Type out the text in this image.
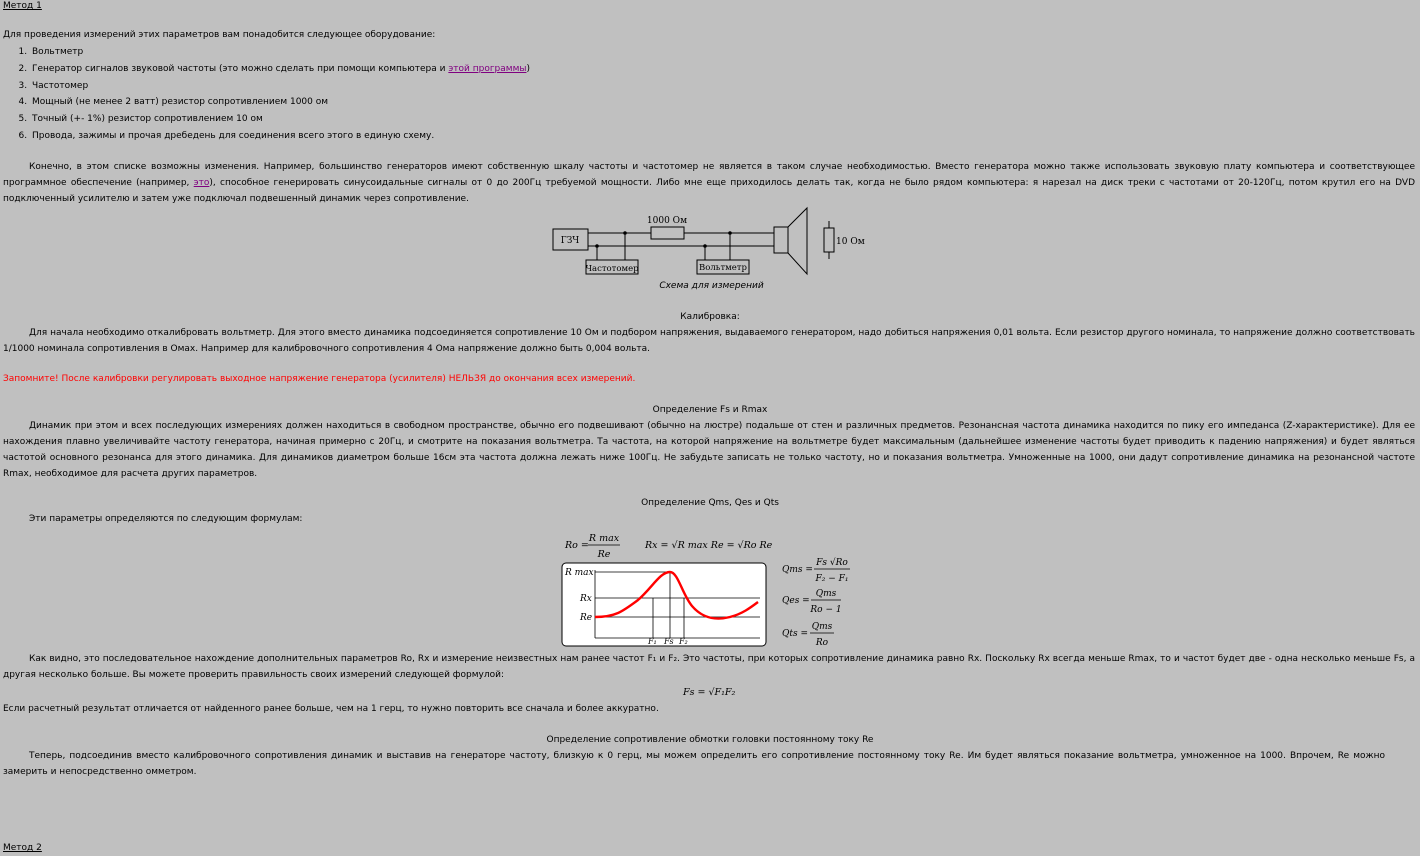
Метод 1

Для проведения измерений этих параметров вам понадобится следующее оборудование:

1. Вольтметр
2. Генератор сигналов звуковой частоты (это можно сделать при помощи компьютера и этой программы)
3. Частотомер
4. Мощный (не менее 2 ватт) резистор сопротивлением 1000 ом
5. Точный (+- 1%) резистор сопротивлением 10 ом
6. Провода, зажимы и прочая дребедень для соединения всего этого в единую схему.

Конечно, в этом списке возможны изменения. Например, большинство генераторов имеют собственную шкалу частоты и частотомер не является в таком случае необходимостью. Вместо генератора можно также использовать звуковую плату компьютера и соответствующее программное обеспечение (например, это), способное генерировать синусоидальные сигналы от 0 до 200Гц требуемой мощности. Либо мне еще приходилось делать так, когда не было рядом компьютера: я нарезал на диск треки с частотами от 20-120Гц, потом крутил его на DVD подключенный усилителю и затем уже подключал подвешенный динамик через сопротивление.

ГЗЧ
1000 Ом
10 Ом
Частотомер	Вольтметр

Схема для измерений

Калибровка:

Для начала необходимо откалибровать вольтметр. Для этого вместо динамика подсоединяется сопротивление 10 Ом и подбором напряжения, выдаваемого генератором, надо добиться напряжения 0,01 вольта. Если резистор другого номинала, то напряжение должно соответствовать 1/1000 номинала сопротивления в Омах. Например для калибровочного сопротивления 4 Ома напряжение должно быть 0,004 вольта.

Запомните! После калибровки регулировать выходное напряжение генератора (усилителя) НЕЛЬЗЯ до окончания всех измерений.

Определение Fs и Rmax

Динамик при этом и всех последующих измерениях должен находиться в свободном пространстве, обычно его подвешивают (обычно на люстре) подальше от стен и различных предметов. Резонансная частота динамика находится по пику его импеданса (Z-характеристике). Для ее нахождения плавно увеличивайте частоту генератора, начиная примерно с 20Гц, и смотрите на показания вольтметра. Та частота, на которой напряжение на вольтметре будет максимальным (дальнейшее изменение частоты будет приводить к падению напряжения) и будет являться частотой основного резонанса для этого динамика. Для динамиков диаметром больше 16см эта частота должна лежать ниже 100Гц. Не забудьте записать не только частоту, но и показания вольтметра. Умноженные на 1000, они дадут сопротивление динамика на резонансной частоте Rmax, необходимое для расчета других параметров.

Определение Qms, Qes и Qts

Эти параметры определяются по следующим формулам:

Ro =
R max
Re
Rx = √R max Re = √Ro Re
R max
Rx
Re
F₁ Fs F₂
Qms =
Fs √Ro
F₂ − F₁
Qes =
Qms
Ro − 1
Qts =
Qms
Ro

Как видно, это последовательное нахождение дополнительных параметров Ro, Rx и измерение неизвестных нам ранее частот F₁ и F₂. Это частоты, при которых сопротивление динамика равно Rx. Поскольку Rx всегда меньше Rmax, то и частот будет две - одна несколько меньше Fs, а другая несколько больше. Вы можете проверить правильность своих измерений следующей формулой:

Fs = √F₁F₂

Если расчетный результат отличается от найденного ранее больше, чем на 1 герц, то нужно повторить все сначала и более аккуратно.

Определение сопротивление обмотки головки постоянному току Re

Теперь, подсоединив вместо калибровочного сопротивления динамик и выставив на генераторе частоту, близкую к 0 герц, мы можем определить его сопротивление постоянному току Re. Им будет являться показание вольтметра, умноженное на 1000. Впрочем, Re можно замерить и непосредственно омметром.

Метод 2
